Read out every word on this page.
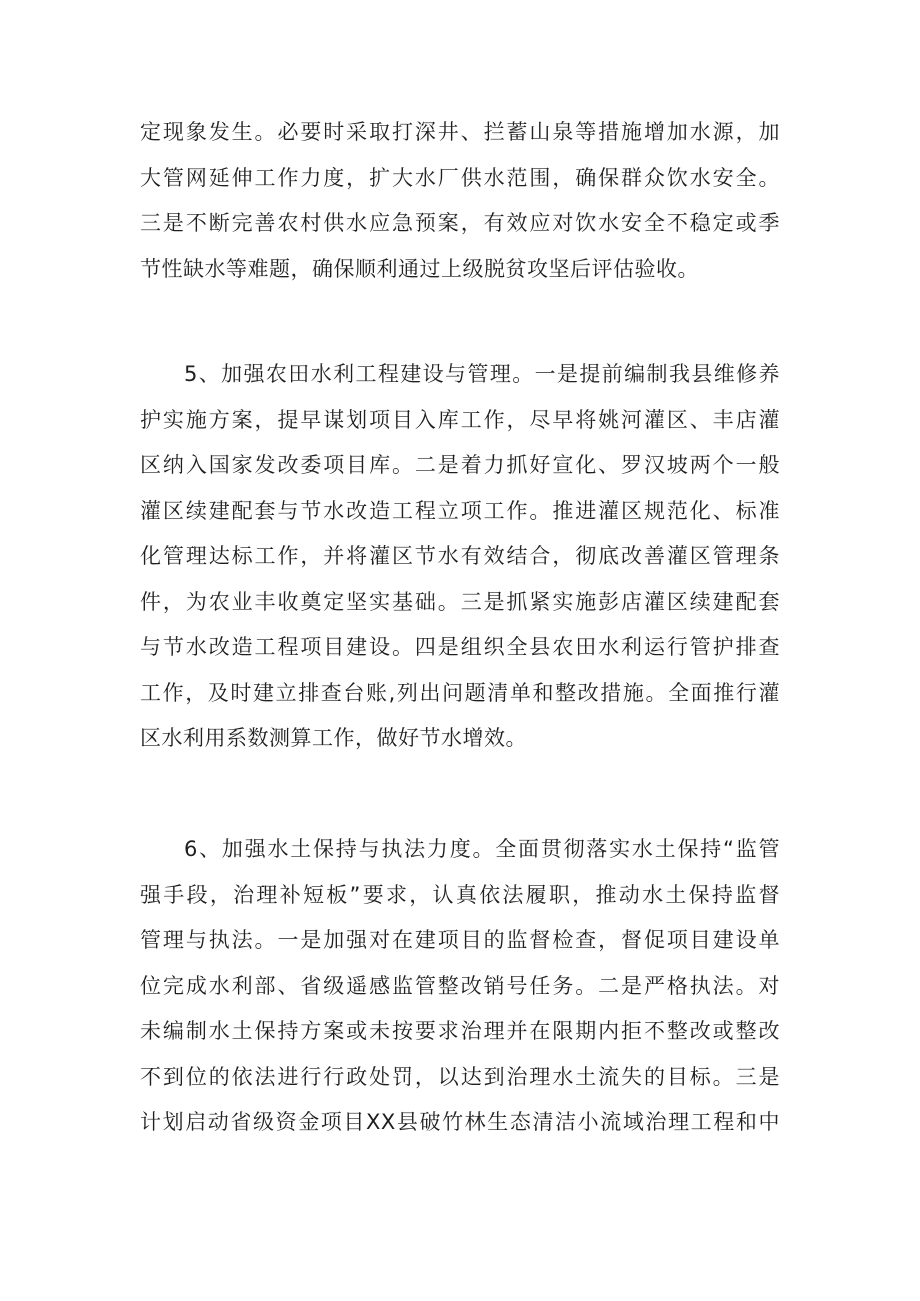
定现象发生。必要时采取打深井、拦蓄山泉等措施增加水源，加
大管网延伸工作力度，扩大水厂供水范围，确保群众饮水安全。
三是不断完善农村供水应急预案，有效应对饮水安全不稳定或季
节性缺水等难题，确保顺利通过上级脱贫攻坚后评估验收。
5、加强农田水利工程建设与管理。一是提前编制我县维修养
护实施方案，提早谋划项目入库工作，尽早将姚河灌区、丰店灌
区纳入国家发改委项目库。二是着力抓好宣化、罗汉坡两个一般
灌区续建配套与节水改造工程立项工作。推进灌区规范化、标准
化管理达标工作，并将灌区节水有效结合，彻底改善灌区管理条
件，为农业丰收奠定坚实基础。三是抓紧实施彭店灌区续建配套
与节水改造工程项目建设。四是组织全县农田水利运行管护排查
工作，及时建立排查台账,列出问题清单和整改措施。全面推行灌
区水利用系数测算工作，做好节水增效。
6、加强水土保持与执法力度。全面贯彻落实水土保持“监管
强手段，治理补短板”要求，认真依法履职，推动水土保持监督
管理与执法。一是加强对在建项目的监督检查，督促项目建设单
位完成水利部、省级遥感监管整改销号任务。二是严格执法。对
未编制水土保持方案或未按要求治理并在限期内拒不整改或整改
不到位的依法进行行政处罚，以达到治理水土流失的目标。三是
计划启动省级资金项目XX县破竹林生态清洁小流域治理工程和中
